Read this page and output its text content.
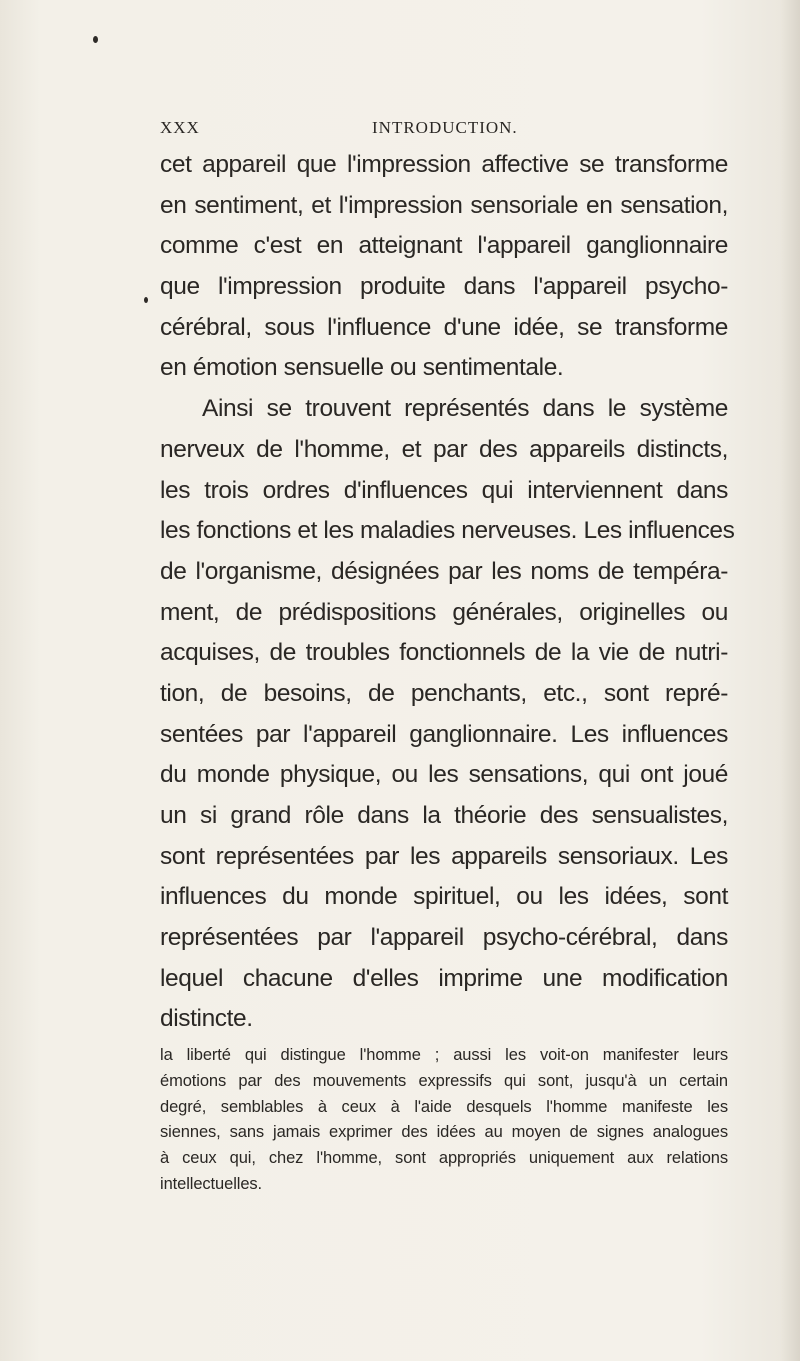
XXX	INTRODUCTION.
cet appareil que l'impression affective se transforme
en sentiment, et l'impression sensoriale en sensation,
comme c'est en atteignant l'appareil ganglionnaire
que l'impression produite dans l'appareil psycho-
cérébral, sous l'influence d'une idée, se transforme
en émotion sensuelle ou sentimentale.
Ainsi se trouvent représentés dans le système
nerveux de l'homme, et par des appareils distincts,
les trois ordres d'influences qui interviennent dans
les fonctions et les maladies nerveuses. Les influences
de l'organisme, désignées par les noms de tempéra-
ment, de prédispositions générales, originelles ou
acquises, de troubles fonctionnels de la vie de nutri-
tion, de besoins, de penchants, etc., sont repré-
sentées par l'appareil ganglionnaire. Les influences
du monde physique, ou les sensations, qui ont joué
un si grand rôle dans la théorie des sensualistes,
sont représentées par les appareils sensoriaux. Les
influences du monde spirituel, ou les idées, sont
représentées par l'appareil psycho-cérébral, dans
lequel chacune d'elles imprime une modification
distincte.
la liberté qui distingue l'homme ; aussi les voit-on manifester leurs
émotions par des mouvements expressifs qui sont, jusqu'à un certain
degré, semblables à ceux à l'aide desquels l'homme manifeste les
siennes, sans jamais exprimer des idées au moyen de signes analogues
à ceux qui, chez l'homme, sont appropriés uniquement aux relations
intellectuelles.
